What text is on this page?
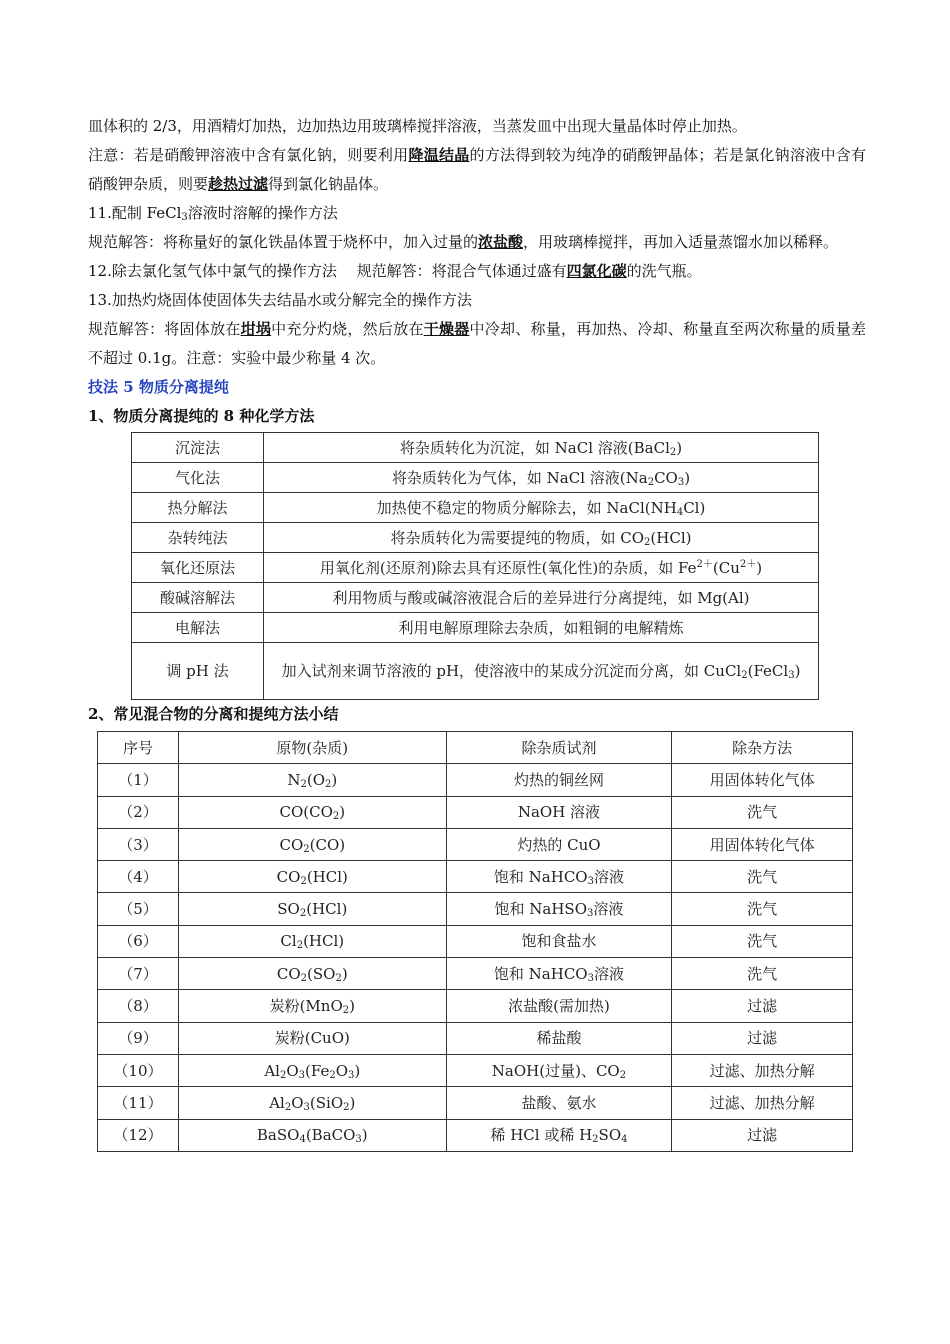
皿体积的 2/3，用酒精灯加热，边加热边用玻璃棒搅拌溶液，当蒸发皿中出现大量晶体时停止加热。

注意：若是硝酸钾溶液中含有氯化钠，则要利用降温结晶的方法得到较为纯净的硝酸钾晶体；若是氯化钠溶液中含有硝酸钾杂质，则要趁热过滤得到氯化钠晶体。

11.配制 FeCl$_3$溶液时溶解的操作方法

规范解答：将称量好的氯化铁晶体置于烧杯中，加入过量的浓盐酸，用玻璃棒搅拌，再加入适量蒸馏水加以稀释。

12.除去氯化氢气体中氯气的操作方法　 规范解答：将混合气体通过盛有四氯化碳的洗气瓶。

13.加热灼烧固体使固体失去结晶水或分解完全的操作方法

规范解答：将固体放在坩埚中充分灼烧，然后放在干燥器中冷却、称量，再加热、冷却、称量直至两次称量的质量差不超过 0.1g。注意：实验中最少称量 4 次。

技法 5 物质分离提纯

1、物质分离提纯的 8 种化学方法

沉淀法	将杂质转化为沉淀，如 NaCl 溶液(BaCl$_2$)
气化法	将杂质转化为气体，如 NaCl 溶液$(Na_2CO_3)$
热分解法	加热使不稳定的物质分解除去，如 $NaCl(NH_4Cl)$
杂转纯法	将杂质转化为需要提纯的物质，如 $CO_2(HCl)$
氧化还原法	用氧化剂(还原剂)除去具有还原性(氧化性)的杂质，如 $Fe^{2+}(Cu^{2+})$
酸碱溶解法	利用物质与酸或碱溶液混合后的差异进行分离提纯，如 Mg(Al)
电解法	利用电解原理除去杂质，如粗铜的电解精炼
调 pH 法	加入试剂来调节溶液的 pH，使溶液中的某成分沉淀而分离，如 CuCl$_2$(FeCl$_3$)

2、常见混合物的分离和提纯方法小结

序号	原物(杂质)	除杂质试剂	除杂方法
（1）	$N_2(O_2)$	灼热的铜丝网	用固体转化气体
（2）	$CO(CO_2)$	NaOH 溶液	洗气
（3）	$CO_2(CO)$	灼热的 CuO	用固体转化气体
（4）	$CO_2(HCl)$	饱和 NaHCO$_3$溶液	洗气
（5）	$SO_2(HCl)$	饱和 NaHSO$_3$溶液	洗气
（6）	$Cl_2(HCl)$	饱和食盐水	洗气
（7）	$CO_2(SO_2)$	饱和 NaHCO$_3$溶液	洗气
（8）	炭粉(MnO$_2$)	浓盐酸(需加热)	过滤
（9）	炭粉(CuO)	稀盐酸	过滤
（10）	$Al_2O_3(Fe_2O_3)$	NaOH(过量)、$CO_2$	过滤、加热分解
（11）	$Al_2O_3(SiO_2)$	盐酸、氨水	过滤、加热分解
（12）	BaSO$_4$(BaCO$_3$)	稀 HCl 或稀 $H_2SO_4$	过滤
